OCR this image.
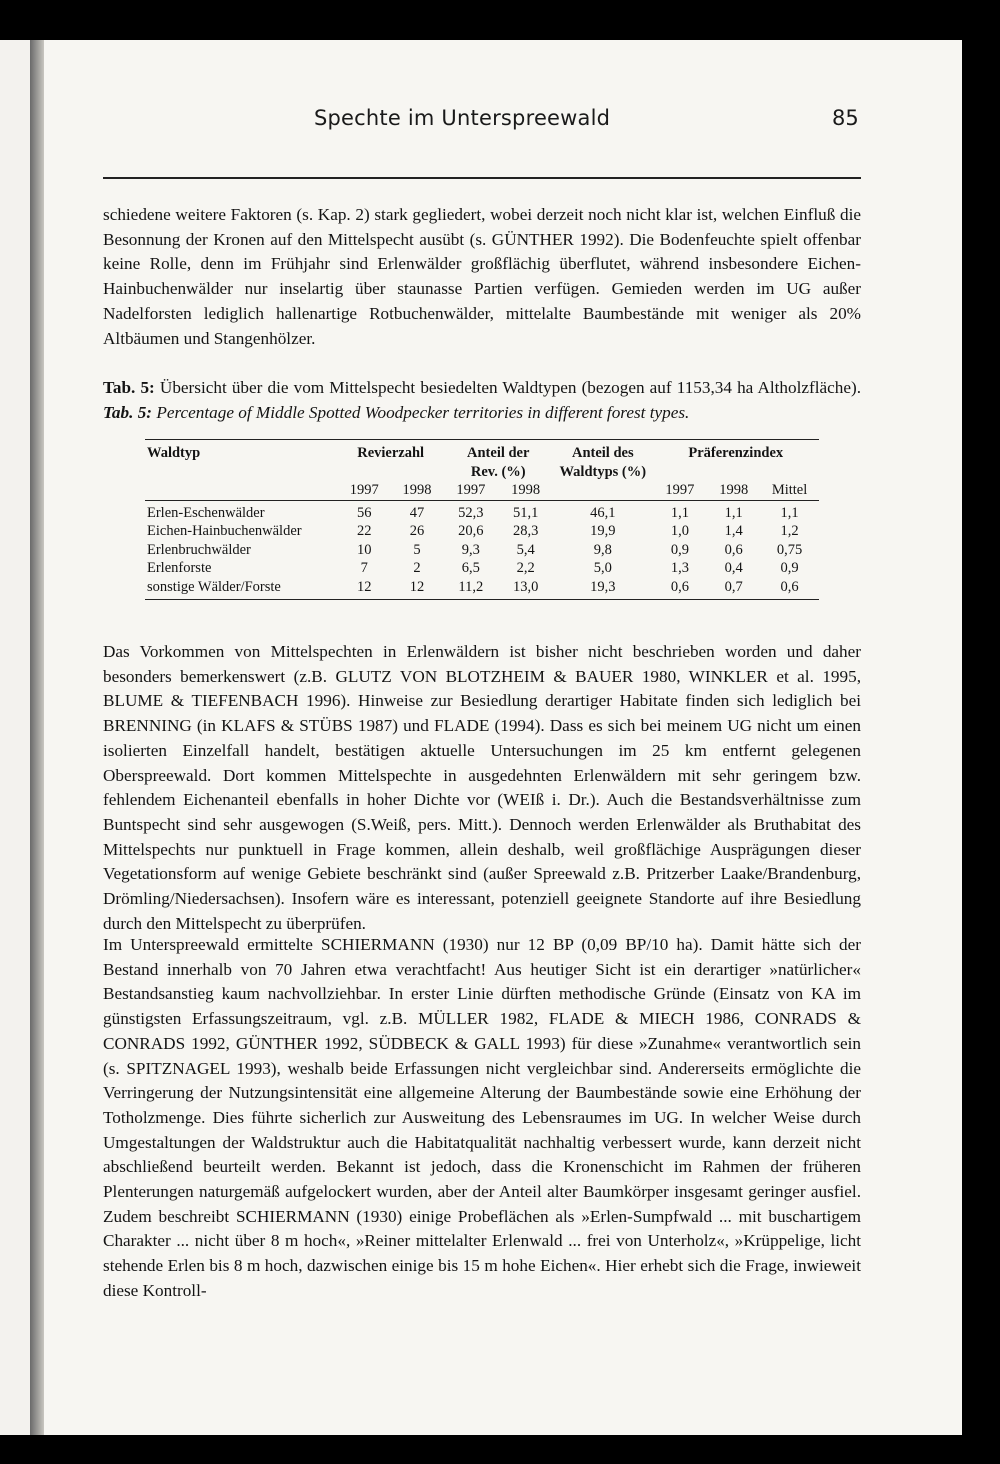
Spechte im Unterspreewald	85

schiedene weitere Faktoren (s. Kap. 2) stark gegliedert, wobei derzeit noch nicht klar ist, welchen Einfluß die Besonnung der Kronen auf den Mittelspecht ausübt (s. GÜNTHER 1992). Die Bodenfeuchte spielt offenbar keine Rolle, denn im Frühjahr sind Erlenwälder großflächig überflutet, während insbesondere Eichen-Hainbuchenwälder nur inselartig über staunasse Partien verfügen. Gemieden werden im UG außer Nadelforsten lediglich hallenartige Rotbuchenwälder, mittelalte Baumbestände mit weniger als 20% Altbäumen und Stangenhölzer.

Tab. 5: Übersicht über die vom Mittelspecht besiedelten Waldtypen (bezogen auf 1153,34 ha Altholzfläche). Tab. 5: Percentage of Middle Spotted Woodpecker territories in different forest types.
Waldtyp	Revierzahl		Anteil der		Anteil des	Präferenzindex		
			Rev. (%)		Waldtyps (%)			
	1997	1998	1997	1998		1997	1998	Mittel
Erlen-Eschenwälder	56	47	52,3	51,1	46,1	1,1	1,1	1,1
Eichen-Hainbuchenwälder	22	26	20,6	28,3	19,9	1,0	1,4	1,2
Erlenbruchwälder	10	5	9,3	5,4	9,8	0,9	0,6	0,75
Erlenforste	7	2	6,5	2,2	5,0	1,3	0,4	0,9
sonstige Wälder/Forste	12	12	11,2	13,0	19,3	0,6	0,7	0,6

Das Vorkommen von Mittelspechten in Erlenwäldern ist bisher nicht beschrieben worden und daher besonders bemerkenswert (z.B. GLUTZ VON BLOTZHEIM & BAUER 1980, WINKLER et al. 1995, BLUME & TIEFENBACH 1996). Hinweise zur Besiedlung derartiger Habitate finden sich lediglich bei BRENNING (in KLAFS & STÜBS 1987) und FLADE (1994). Dass es sich bei meinem UG nicht um einen isolierten Einzelfall handelt, bestätigen aktuelle Untersuchungen im 25 km entfernt gelegenen Oberspreewald. Dort kommen Mittelspechte in ausgedehnten Erlenwäldern mit sehr geringem bzw. fehlendem Eichenanteil ebenfalls in hoher Dichte vor (WEIß i. Dr.). Auch die Bestandsverhältnisse zum Buntspecht sind sehr ausgewogen (S.Weiß, pers. Mitt.). Dennoch werden Erlenwälder als Bruthabitat des Mittelspechts nur punktuell in Frage kommen, allein deshalb, weil großflächige Ausprägungen dieser Vegetationsform auf wenige Gebiete beschränkt sind (außer Spreewald z.B. Pritzerber Laake/Brandenburg, Drömling/Niedersachsen). Insofern wäre es interessant, potenziell geeignete Standorte auf ihre Besiedlung durch den Mittelspecht zu überprüfen.

Im Unterspreewald ermittelte SCHIERMANN (1930) nur 12 BP (0,09 BP/10 ha). Damit hätte sich der Bestand innerhalb von 70 Jahren etwa verachtfacht! Aus heutiger Sicht ist ein derartiger »natürlicher« Bestandsanstieg kaum nachvollziehbar. In erster Linie dürften methodische Gründe (Einsatz von KA im günstigsten Erfassungszeitraum, vgl. z.B. MÜLLER 1982, FLADE & MIECH 1986, CONRADS & CONRADS 1992, GÜNTHER 1992, SÜDBECK & GALL 1993) für diese »Zunahme« verantwortlich sein (s. SPITZNAGEL 1993), weshalb beide Erfassungen nicht vergleichbar sind. Andererseits ermöglichte die Verringerung der Nutzungsintensität eine allgemeine Alterung der Baumbestände sowie eine Erhöhung der Totholzmenge. Dies führte sicherlich zur Ausweitung des Lebensraumes im UG. In welcher Weise durch Umgestaltungen der Waldstruktur auch die Habitatqualität nachhaltig verbessert wurde, kann derzeit nicht abschließend beurteilt werden. Bekannt ist jedoch, dass die Kronenschicht im Rahmen der früheren Plenterungen naturgemäß aufgelockert wurden, aber der Anteil alter Baumkörper insgesamt geringer ausfiel. Zudem beschreibt SCHIERMANN (1930) einige Probeflächen als »Erlen-Sumpfwald ... mit buschartigem Charakter ... nicht über 8 m hoch«, »Reiner mittelalter Erlenwald ... frei von Unterholz«, »Krüppelige, licht stehende Erlen bis 8 m hoch, dazwischen einige bis 15 m hohe Eichen«. Hier erhebt sich die Frage, inwieweit diese Kontroll-
